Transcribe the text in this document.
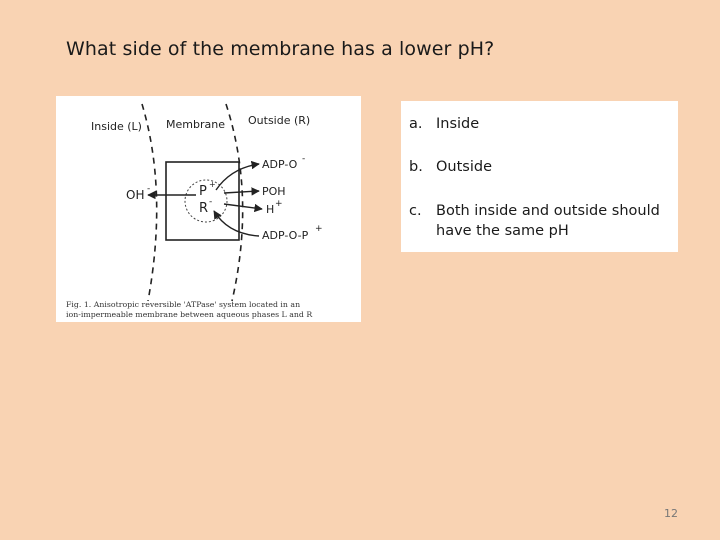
What side of the membrane has a lower pH?
Inside (L) Membrane Outside (R)
OH -	P +
R -
ADP-O -
POH
H +
ADP-O-P +
Fig. 1. Anisotropic reversible 'ATPase' system located in an
ion-impermeable membrane between aqueous phases L and R
a. Inside
b. Outside
c. Both inside and outside should have the same pH
12
